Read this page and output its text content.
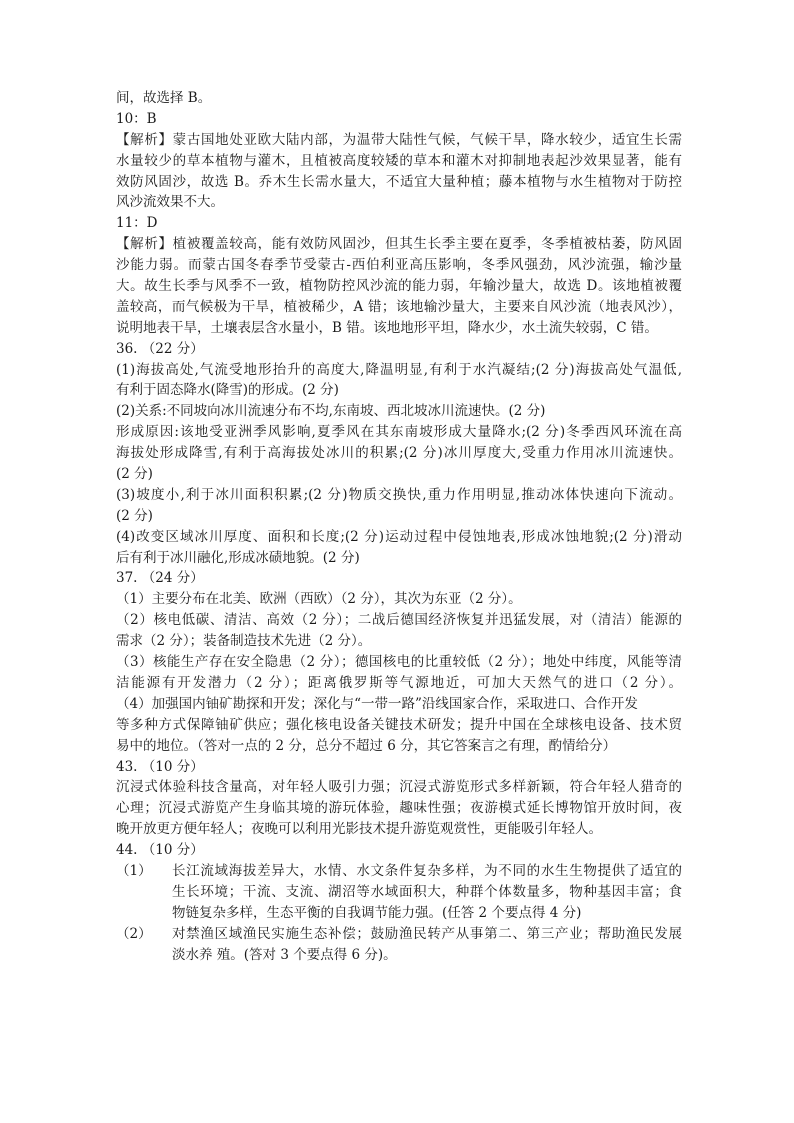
间，故选择 B。
10：B
【解析】蒙古国地处亚欧大陆内部，为温带大陆性气候，气候干旱，降水较少，适宜生长需
水量较少的草本植物与灌木，且植被高度较矮的草本和灌木对抑制地表起沙效果显著，能有
效防风固沙，故选 B。乔木生长需水量大，不适宜大量种植；藤本植物与水生植物对于防控
风沙流效果不大。
11：D
【解析】植被覆盖较高，能有效防风固沙，但其生长季主要在夏季，冬季植被枯萎，防风固
沙能力弱。而蒙古国冬春季节受蒙古-西伯利亚高压影响，冬季风强劲，风沙流强，输沙量
大。故生长季与风季不一致，植物防控风沙流的能力弱，年输沙量大，故选 D。该地植被覆
盖较高，而气候极为干旱，植被稀少，A 错；该地输沙量大，主要来自风沙流（地表风沙），
说明地表干旱，土壤表层含水量小，B 错。该地地形平坦，降水少，水土流失较弱，C 错。
36. （22 分）
(1)海拔高处,气流受地形抬升的高度大,降温明显,有利于水汽凝结;(2 分)海拔高处气温低,
有利于固态降水(降雪)的形成。(2 分)
(2)关系:不同坡向冰川流速分布不均,东南坡、西北坡冰川流速快。(2 分)
形成原因:该地受亚洲季风影响,夏季风在其东南坡形成大量降水;(2 分)冬季西风环流在高
海拔处形成降雪,有利于高海拔处冰川的积累;(2 分)冰川厚度大,受重力作用冰川流速快。
(2 分)
(3)坡度小,利于冰川面积积累;(2 分)物质交换快,重力作用明显,推动冰体快速向下流动。
(2 分)
(4)改变区域冰川厚度、面积和长度;(2 分)运动过程中侵蚀地表,形成冰蚀地貌;(2 分)滑动
后有利于冰川融化,形成冰碛地貌。(2 分)
37. （24 分）
（1）主要分布在北美、欧洲（西欧）（2 分），其次为东亚（2 分）。
（2）核电低碳、清洁、高效（2 分）；二战后德国经济恢复并迅猛发展，对（清洁）能源的
需求（2 分）；装备制造技术先进（2 分）。
（3）核能生产存在安全隐患（2 分）；德国核电的比重较低（2 分）；地处中纬度，风能等清
洁能源有开发潜力（2 分）；距离俄罗斯等气源地近，可加大天然气的进口（2 分）。
（4）加强国内铀矿勘探和开发；深化与“一带一路”沿线国家合作，采取进口、合作开发
等多种方式保障铀矿供应；强化核电设备关键技术研发；提升中国在全球核电设备、技术贸
易中的地位。（答对一点的 2 分，总分不超过 6 分，其它答案言之有理，酌情给分）
43. （10 分）
沉浸式体验科技含量高，对年轻人吸引力强；沉浸式游览形式多样新颖，符合年轻人猎奇的
心理；沉浸式游览产生身临其境的游玩体验，趣味性强；夜游模式延长博物馆开放时间，夜
晚开放更方便年轻人；夜晚可以利用光影技术提升游览观赏性，更能吸引年轻人。
44. （10 分）
（1）	长江流域海拔差异大，水情、水文条件复杂多样，为不同的水生生物提供了适宜的
生长环境；干流、支流、湖沼等水域面积大，种群个体数量多，物种基因丰富；食
物链复杂多样，生态平衡的自我调节能力强。(任答 2 个要点得 4 分)
（2）	对禁渔区域渔民实施生态补偿；鼓励渔民转产从事第二、第三产业；帮助渔民发展
淡水养 殖。(答对 3 个要点得 6 分)。
